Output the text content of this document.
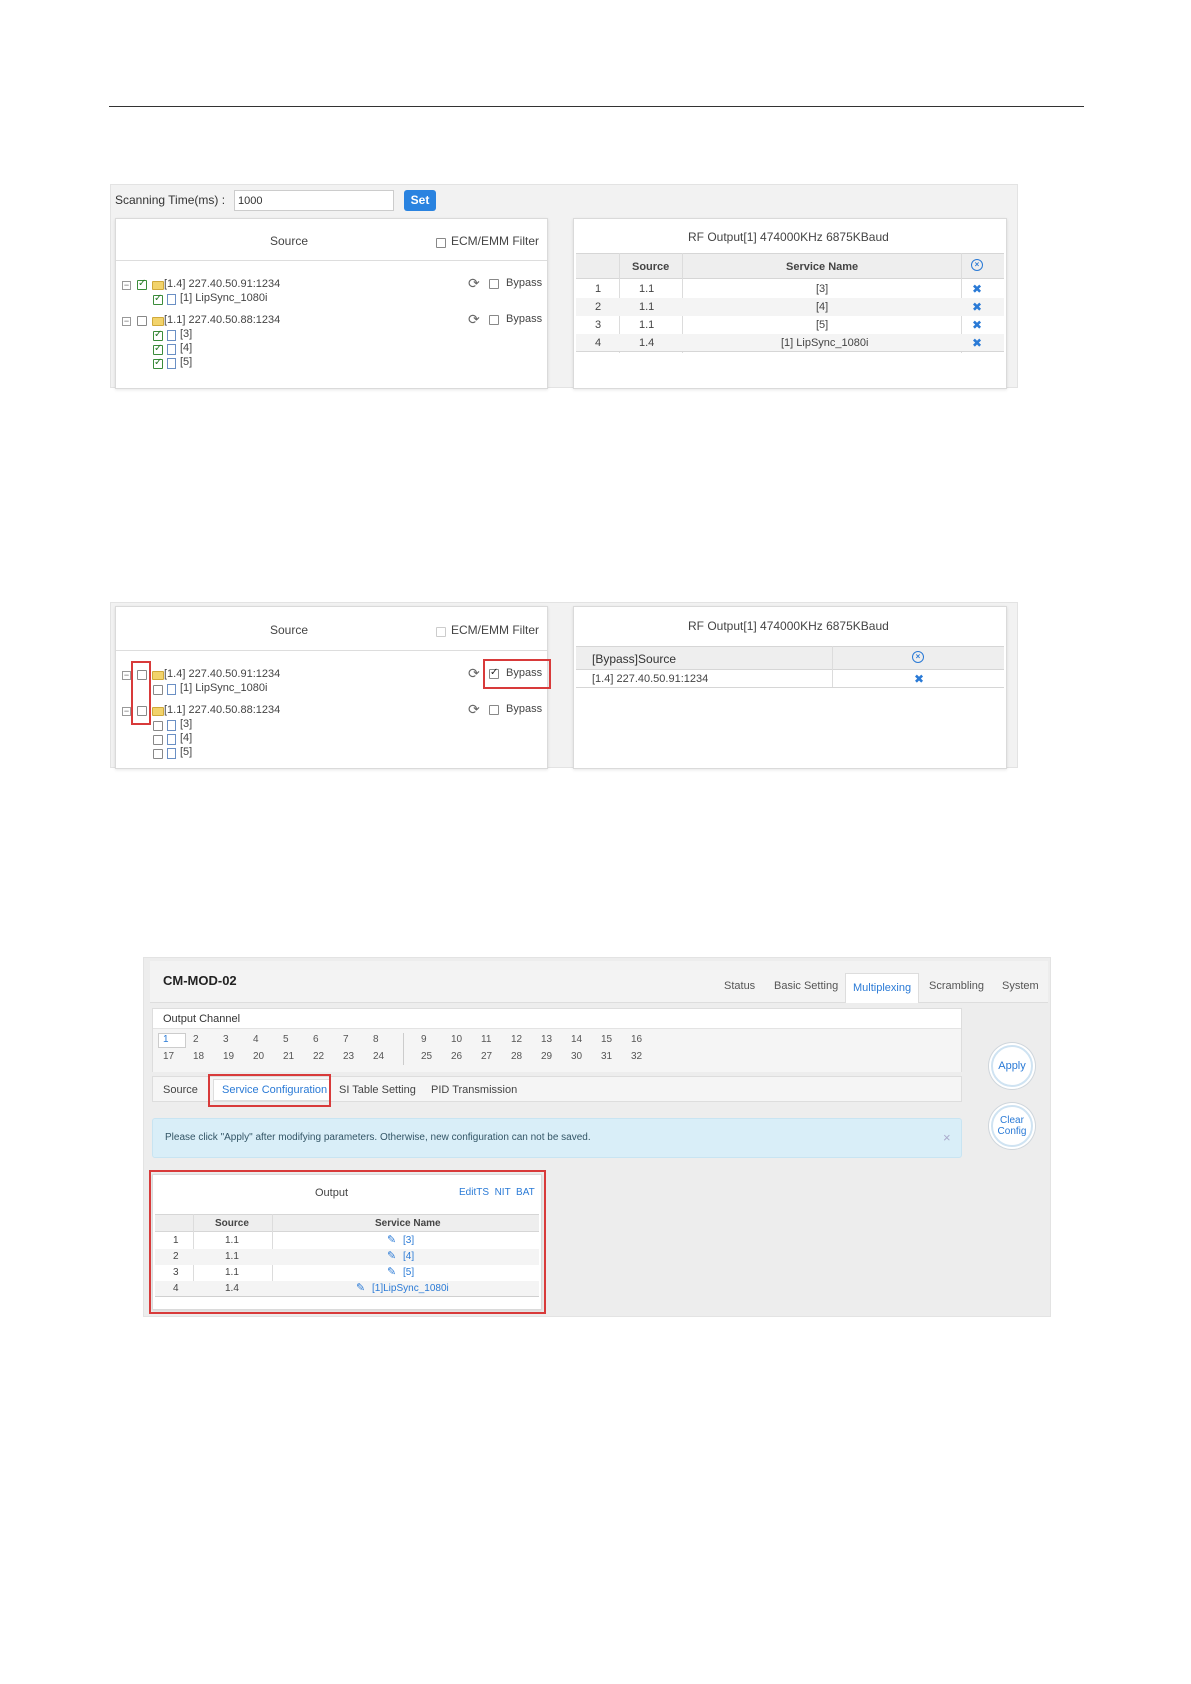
Scanning Time(ms) :	1000	Set
Source	ECM/EMM Filter
− ✓	[1.4] 227.40.50.91:1234
✓
[1] LipSync_1080i
⟳ Bypass
−	[1.1] 227.40.50.88:1234	⟳ Bypass
✓
[3]
✓
[4]
✓
[5]
RF Output[1] 474000KHz 6875KBaud
Source	Service Name	×
1	1.1	[3]	✖
2	1.1	[4]	✖
3	1.1	[5]	✖
4	1.4	[1] LipSync_1080i	✖
Source	ECM/EMM Filter
−	[1.4] 227.40.50.91:1234
[1] LipSync_1080i
⟳ ✓ Bypass
−	[1.1] 227.40.50.88:1234	⟳ Bypass
[3]
[4]
[5]
RF Output[1] 474000KHz 6875KBaud
[Bypass]Source	×
[1.4] 227.40.50.91:1234	✖
CM-MOD-02	Status Basic Setting Multiplexing Scrambling System
Output Channel
1 2 3 4 5 6 7 8	9 10 11 12 13 14 15 16
17 18 19 20 21 22 23 24	25 26 27 28 29 30 31 32
Source Service Configuration SI Table Setting PID Transmission
Please click "Apply" after modifying parameters. Otherwise, new configuration can not be saved.	×
Apply
Clear
Config
Output	EditTS  NIT  BAT
Source	Service Name
1	1.1	✎ [3]
2	1.1	✎ [4]
3	1.1	✎ [5]
4	1.4	✎ [1]LipSync_1080i
